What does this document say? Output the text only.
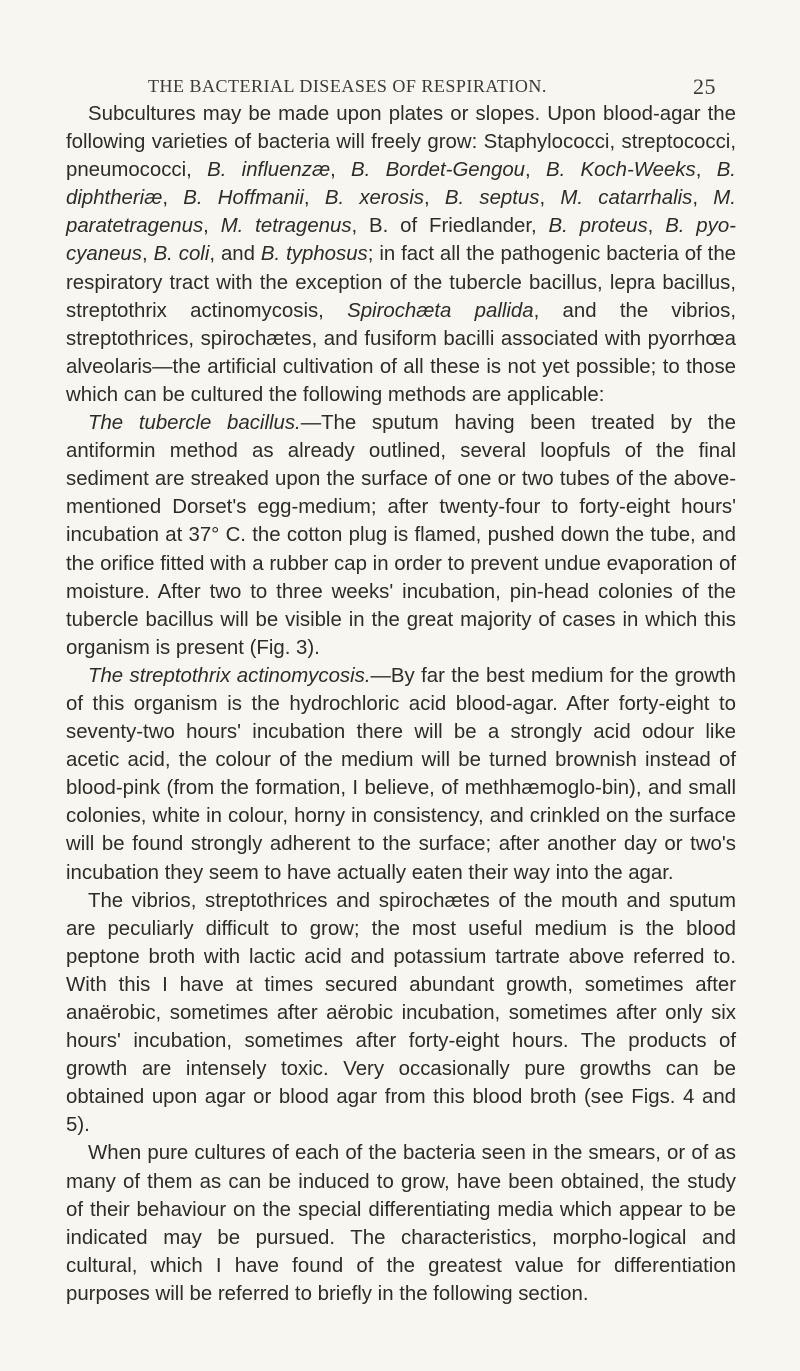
THE BACTERIAL DISEASES OF RESPIRATION.	25

Subcultures may be made upon plates or slopes. Upon blood-agar the following varieties of bacteria will freely grow: Staphylococci, streptococci, pneumococci, B. influenzæ, B. Bordet-Gengou, B. Koch-Weeks, B. diphtheriæ, B. Hoffmanii, B. xerosis, B. septus, M. catarrhalis, M. paratetragenus, M. tetragenus, B. of Friedlander, B. proteus, B. pyo-cyaneus, B. coli, and B. typhosus; in fact all the pathogenic bacteria of the respiratory tract with the exception of the tubercle bacillus, lepra bacillus, streptothrix actinomycosis, Spirochæta pallida, and the vibrios, streptothrices, spirochætes, and fusiform bacilli associated with pyorrhœa alveolaris—the artificial cultivation of all these is not yet possible; to those which can be cultured the following methods are applicable:

The tubercle bacillus.—The sputum having been treated by the antiformin method as already outlined, several loopfuls of the final sediment are streaked upon the surface of one or two tubes of the above-mentioned Dorset's egg-medium; after twenty-four to forty-eight hours' incubation at 37° C. the cotton plug is flamed, pushed down the tube, and the orifice fitted with a rubber cap in order to prevent undue evaporation of moisture. After two to three weeks' incubation, pin-head colonies of the tubercle bacillus will be visible in the great majority of cases in which this organism is present (Fig. 3).

The streptothrix actinomycosis.—By far the best medium for the growth of this organism is the hydrochloric acid blood-agar. After forty-eight to seventy-two hours' incubation there will be a strongly acid odour like acetic acid, the colour of the medium will be turned brownish instead of blood-pink (from the formation, I believe, of methhæmoglo-bin), and small colonies, white in colour, horny in consistency, and crinkled on the surface will be found strongly adherent to the surface; after another day or two's incubation they seem to have actually eaten their way into the agar.

The vibrios, streptothrices and spirochætes of the mouth and sputum are peculiarly difficult to grow; the most useful medium is the blood peptone broth with lactic acid and potassium tartrate above referred to. With this I have at times secured abundant growth, sometimes after anaërobic, sometimes after aërobic incubation, sometimes after only six hours' incubation, sometimes after forty-eight hours. The products of growth are intensely toxic. Very occasionally pure growths can be obtained upon agar or blood agar from this blood broth (see Figs. 4 and 5).

When pure cultures of each of the bacteria seen in the smears, or of as many of them as can be induced to grow, have been obtained, the study of their behaviour on the special differentiating media which appear to be indicated may be pursued. The characteristics, morpho-logical and cultural, which I have found of the greatest value for differentiation purposes will be referred to briefly in the following section.
